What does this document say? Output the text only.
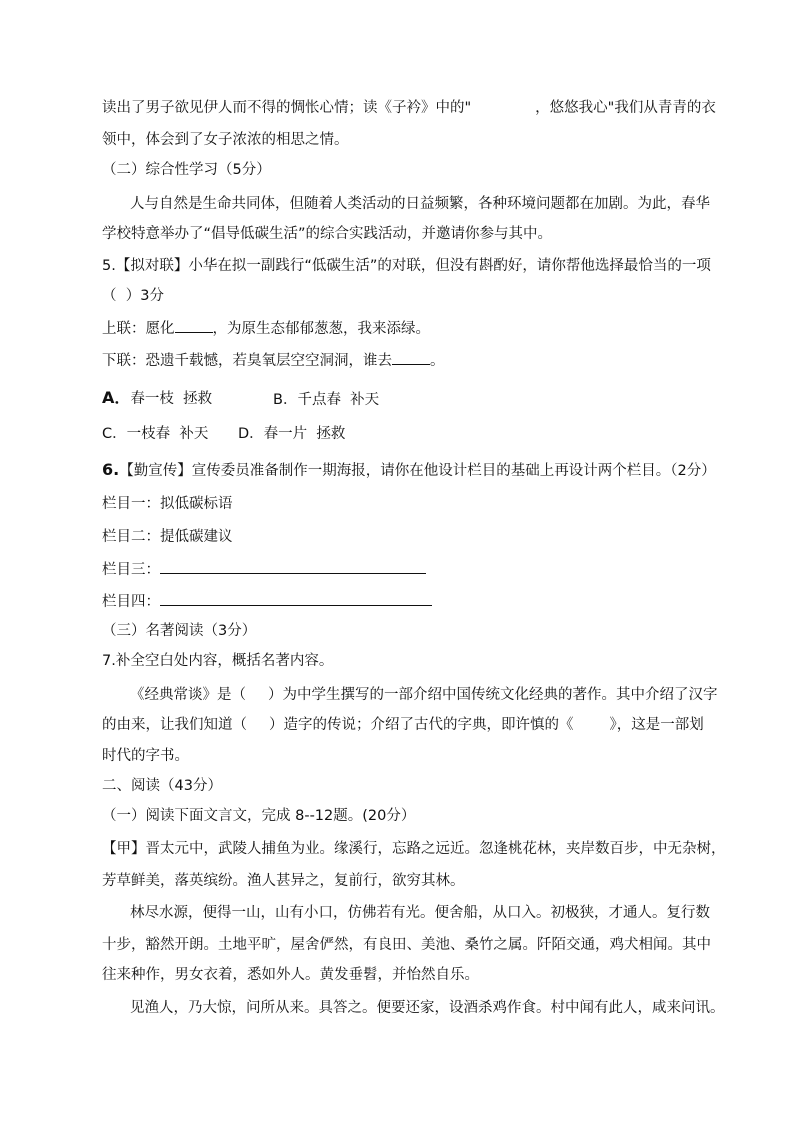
读出了男子欲见伊人而不得的惆怅心情；读《子衿》中的"	，悠悠我心"我们从青青的衣
领中，体会到了女子浓浓的相思之情。
（二）综合性学习（5分）
人与自然是生命共同体，但随着人类活动的日益频繁，各种环境问题都在加剧。为此，春华
学校特意举办了“倡导低碳生活”的综合实践活动，并邀请你参与其中。
5.【拟对联】小华在拟一副践行“低碳生活”的对联，但没有斟酌好，请你帮他选择最恰当的一项
（  ）3分
上联：愿化	，为原生态郁郁葱葱，我来添绿。
下联：恐遗千载憾，若臭氧层空空洞洞，谁去	。
A．春一枝  拯救	B．千点春  补天
C．一枝春  补天 D．春一片  拯救
6.【勤宣传】宣传委员准备制作一期海报，请你在他设计栏目的基础上再设计两个栏目。（2分）
栏目一：拟低碳标语
栏目二：提低碳建议
栏目三：
栏目四：
（三）名著阅读（3分）
7.补全空白处内容，概括名著内容。
《经典常谈》是（ ）为中学生撰写的一部介绍中国传统文化经典的著作。其中介绍了汉字
的由来，让我们知道（ ）造字的传说；介绍了古代的字典，即许慎的《 》，这是一部划
时代的字书。
二、阅读（43分）
（一）阅读下面文言文，完成 8--12题。(20分）
【甲】晋太元中，武陵人捕鱼为业。缘溪行，忘路之远近。忽逢桃花林，夹岸数百步，中无杂树，
芳草鲜美，落英缤纷。渔人甚异之，复前行，欲穷其林。
林尽水源，便得一山，山有小口，仿佛若有光。便舍船，从口入。初极狭，才通人。复行数
十步，豁然开朗。土地平旷，屋舍俨然，有良田、美池、桑竹之属。阡陌交通，鸡犬相闻。其中
往来种作，男女衣着，悉如外人。黄发垂髫，并怡然自乐。
见渔人，乃大惊，问所从来。具答之。便要还家，设酒杀鸡作食。村中闻有此人，咸来问讯。
